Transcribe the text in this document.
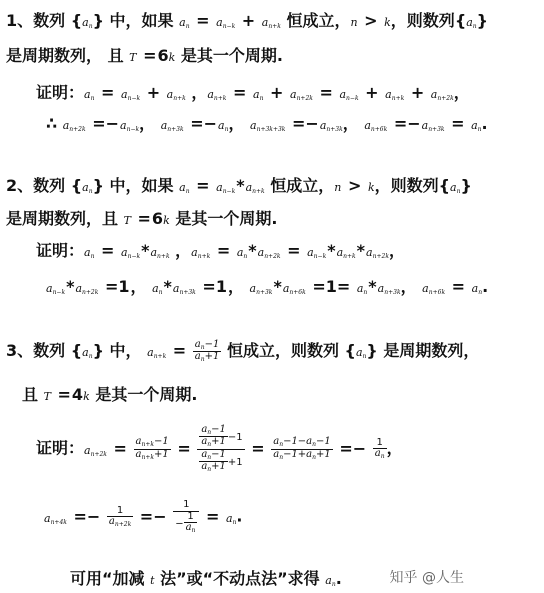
1、数列 $\{a_n\}$ 中，如果 $a_n = a_{n-k} + a_{n+k}$ 恒成立，n > k，则数列$\{a_n\}$
是周期数列， 且 T =6k 是其一个周期.
证明：$a_n = a_{n-k} + a_{n+k}$ ，$a_{n+k} = a_n + a_{n+2k} = a_{n-k} + a_{n+k} + a_{n+2k}$，
∴ $a_{n+2k} =-a_{n-k}$， $a_{n+3k} =-a_n$， $a_{n+3k+3k} =-a_{n+3k}$， $a_{n+6k} =-a_{n+3k} = a_n$.
2、数列 $\{a_n\}$ 中，如果 $a_n = a_{n-k}*a_{n+k}$ 恒成立，n > k，则数列$\{a_n\}$
是周期数列，且 T =6k 是其一个周期.
证明：$a_n = a_{n-k}*a_{n+k}$ ，$a_{n+k} = a_n*a_{n+2k} = a_{n-k}*a_{n+k}*a_{n+2k}$，
$a_{n-k}*a_{n+2k} =1$， $a_n*a_{n+3k} =1$， $a_{n+3k}*a_{n+6k} =1= a_n*a_{n+3k}$， $a_{n+6k} = a_n$.
3、数列 $\{a_n\}$ 中， $a_{n+k} = \frac{a_n-1}{a_n+1}$ 恒成立，则数列 $\{a_n\}$ 是周期数列，
且 T =4k 是其一个周期.
证明：$a_{n+2k} = \frac{a_{n+k}-1}{a_{n+k}+1} = \frac{\frac{a_n-1}{a_n+1} -1}{\frac{a_n-1}{a_n+1} +1} = \frac{a_n-1-a_n-1}{a_n-1+a_n+1} =- \frac{1}{a_n}$ ，
$a_{n+4k} =- \frac{1}{a_{n+2k}} =- \frac{1}{- \frac{1}{a_n}} = a_n$.
可用“加减 t 法”或“不动点法”求得 $a_n$.	知乎 @人生
